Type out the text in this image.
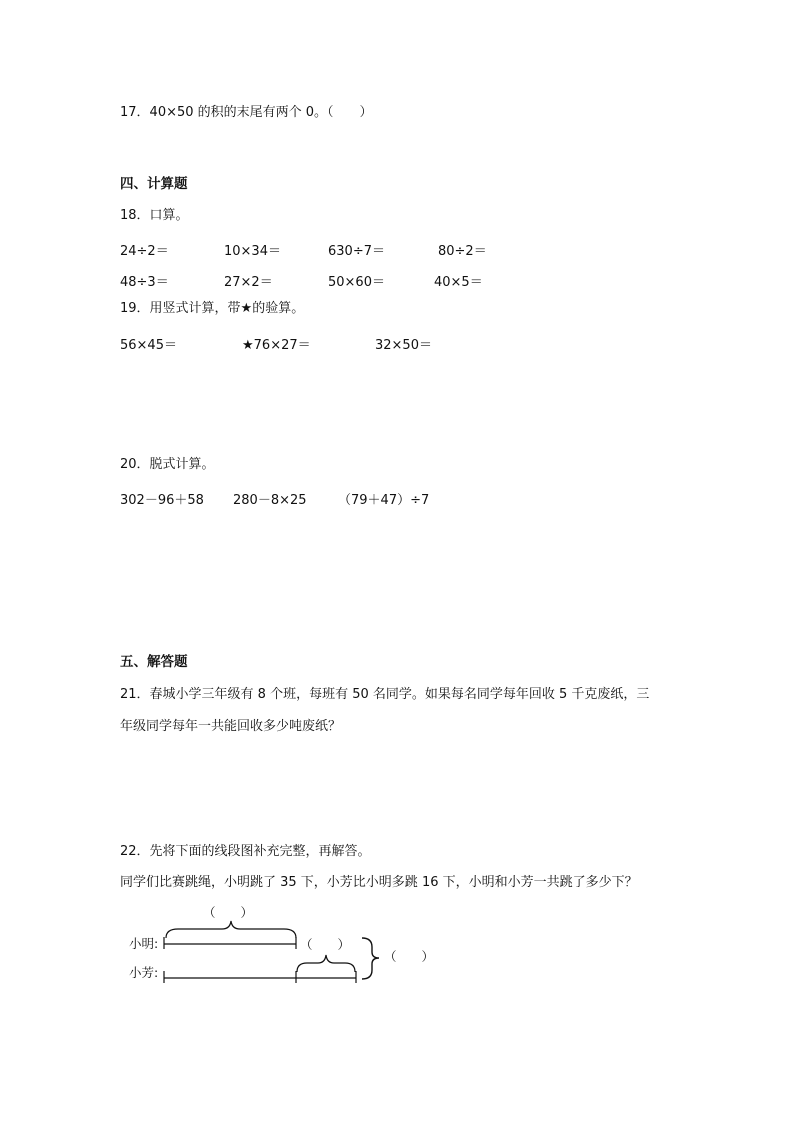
17．40×50 的积的末尾有两个 0。（　　）
四、计算题
18．口算。
24÷2＝	10×34＝	630÷7＝	80÷2＝
48÷3＝	27×2＝	50×60＝	40×5＝
19．用竖式计算，带★的验算。
56×45＝	★76×27＝	32×50＝
20．脱式计算。
302－96＋58 280－8×25 （79＋47）÷7
五、解答题
21．春城小学三年级有 8 个班，每班有 50 名同学。如果每名同学每年回收 5 千克废纸，三
年级同学每年一共能回收多少吨废纸？
22．先将下面的线段图补充完整，再解答。
同学们比赛跳绳，小明跳了 35 下，小芳比小明多跳 16 下，小明和小芳一共跳了多少下？
小明:
小芳:
（　　）
（　　）
（　　）
